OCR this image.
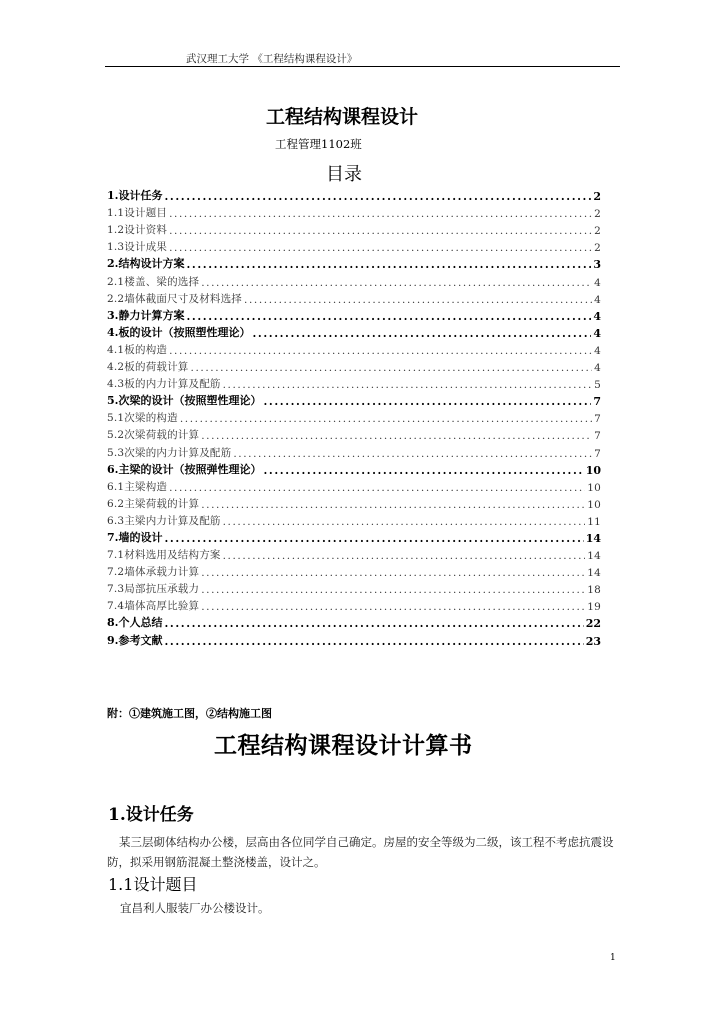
武汉理工大学 《工程结构课程设计》
工程结构课程设计
工程管理1102班
目录
1.设计任务 .....	2
1.1设计题目 .....	2
1.2设计资料 .....	2
1.3设计成果 .....	2
2.结构设计方案 .....	3
2.1楼盖、梁的选择 .....	4
2.2墙体截面尺寸及材料选择 .....	4
3.静力计算方案 .....	4
4.板的设计（按照塑性理论） .....	4
4.1板的构造 .....	4
4.2板的荷载计算 .....	4
4.3板的内力计算及配筋 .....	5
5.次梁的设计（按照塑性理论） .....	7
5.1次梁的构造 .....	7
5.2次梁荷载的计算 .....	7
5.3次梁的内力计算及配筋 .....	7
6.主梁的设计（按照弹性理论） .....	10
6.1主梁构造 .....	10
6.2主梁荷载的计算 .....	10
6.3主梁内力计算及配筋 .....	11
7.墙的设计 .....	14
7.1材料选用及结构方案 .....	14
7.2墙体承载力计算 .....	14
7.3局部抗压承载力 .....	18
7.4墙体高厚比验算 .....	19
8.个人总结 .....	22
9.参考文献 .....	23
附：①建筑施工图，②结构施工图
工程结构课程设计计算书
1.设计任务
某三层砌体结构办公楼，层高由各位同学自己确定。房屋的安全等级为二级，该工程不考虑抗震设防，拟采用钢筋混凝土整浇楼盖，设计之。
1.1设计题目
宜昌利人服装厂办公楼设计。
1
